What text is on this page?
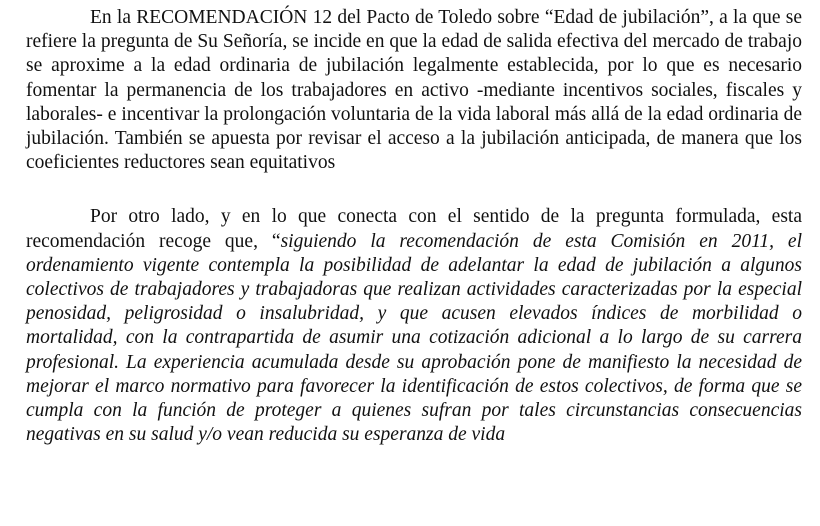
En la RECOMENDACIÓN 12 del Pacto de Toledo sobre “Edad de jubilación”, a la que se refiere la pregunta de Su Señoría, se incide en que la edad de salida efectiva del mercado de trabajo se aproxime a la edad ordinaria de jubilación legalmente establecida, por lo que es necesario fomentar la permanencia de los trabajadores en activo -mediante incentivos sociales, fiscales y laborales- e incentivar la prolongación voluntaria de la vida laboral más allá de la edad ordinaria de jubilación. También se apuesta por revisar el acceso a la jubilación anticipada, de manera que los coeficientes reductores sean equitativos

Por otro lado, y en lo que conecta con el sentido de la pregunta formulada, esta recomendación recoge que, “siguiendo la recomendación de esta Comisión en 2011, el ordenamiento vigente contempla la posibilidad de adelantar la edad de jubilación a algunos colectivos de trabajadores y trabajadoras que realizan actividades caracterizadas por la especial penosidad, peligrosidad o insalubridad, y que acusen elevados índices de morbilidad o mortalidad, con la contrapartida de asumir una cotización adicional a lo largo de su carrera profesional. La experiencia acumulada desde su aprobación pone de manifiesto la necesidad de mejorar el marco normativo para favorecer la identificación de estos colectivos, de forma que se cumpla con la función de proteger a quienes sufran por tales circunstancias consecuencias negativas en su salud y/o vean reducida su esperanza de vida
